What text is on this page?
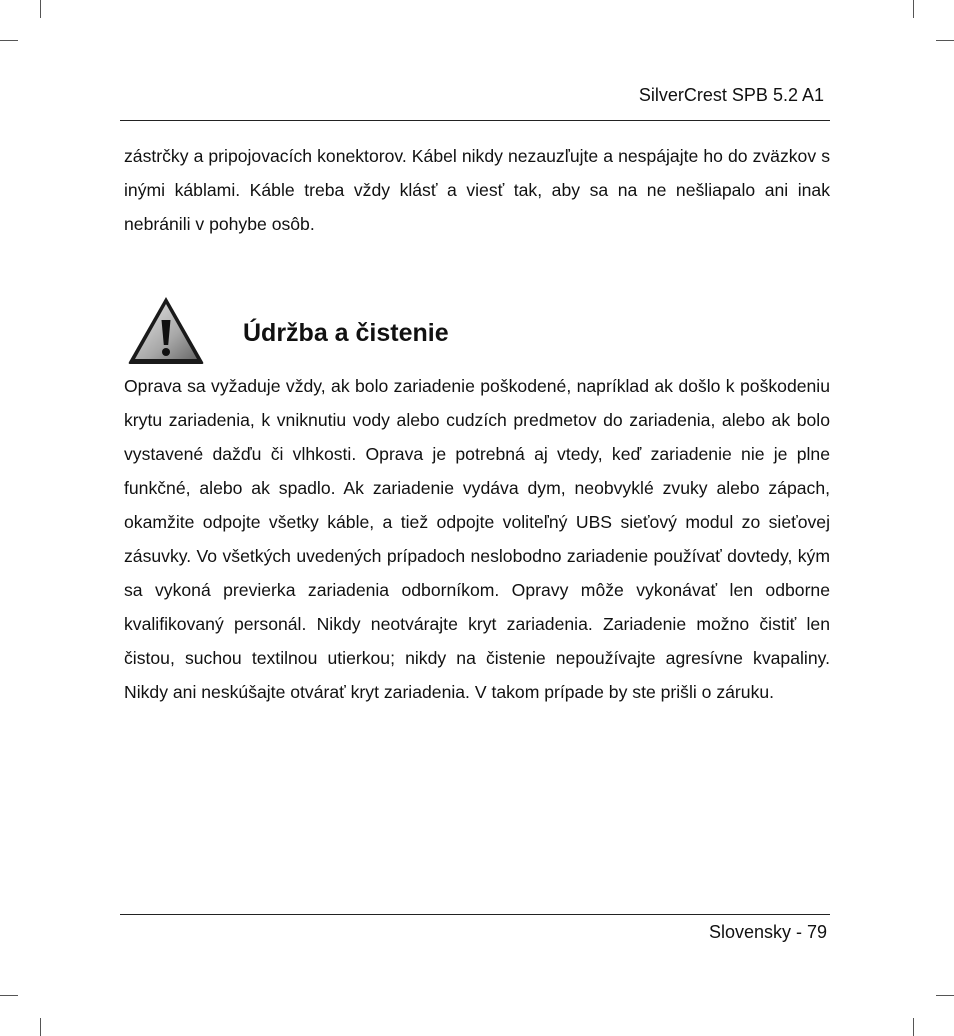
SilverCrest SPB 5.2 A1

zástrčky a pripojovacích konektorov. Kábel nikdy nezauzľujte a nespájajte ho do zväzkov s inými káblami. Káble treba vždy klásť a viesť tak, aby sa na ne nešliapalo ani inak nebránili v pohybe osôb.

Údržba a čistenie

Oprava sa vyžaduje vždy, ak bolo zariadenie poškodené, napríklad ak došlo k poškodeniu krytu zariadenia, k vniknutiu vody alebo cudzích predmetov do zariadenia, alebo ak bolo vystavené dažďu či vlhkosti. Oprava je potrebná aj vtedy, keď zariadenie nie je plne funkčné, alebo ak spadlo. Ak zariadenie vydáva dym, neobvyklé zvuky alebo zápach, okamžite odpojte všetky káble, a tiež odpojte voliteľný UBS sieťový modul zo sieťovej zásuvky. Vo všetkých uvedených prípadoch neslobodno zariadenie používať dovtedy, kým sa vykoná previerka zariadenia odborníkom. Opravy môže vykonávať len odborne kvalifikovaný personál. Nikdy neotvárajte kryt zariadenia. Zariadenie možno čistiť len čistou, suchou textilnou utierkou; nikdy na čistenie nepoužívajte agresívne kvapaliny. Nikdy ani neskúšajte otvárať kryt zariadenia. V takom prípade by ste prišli o záruku.

Slovensky - 79
